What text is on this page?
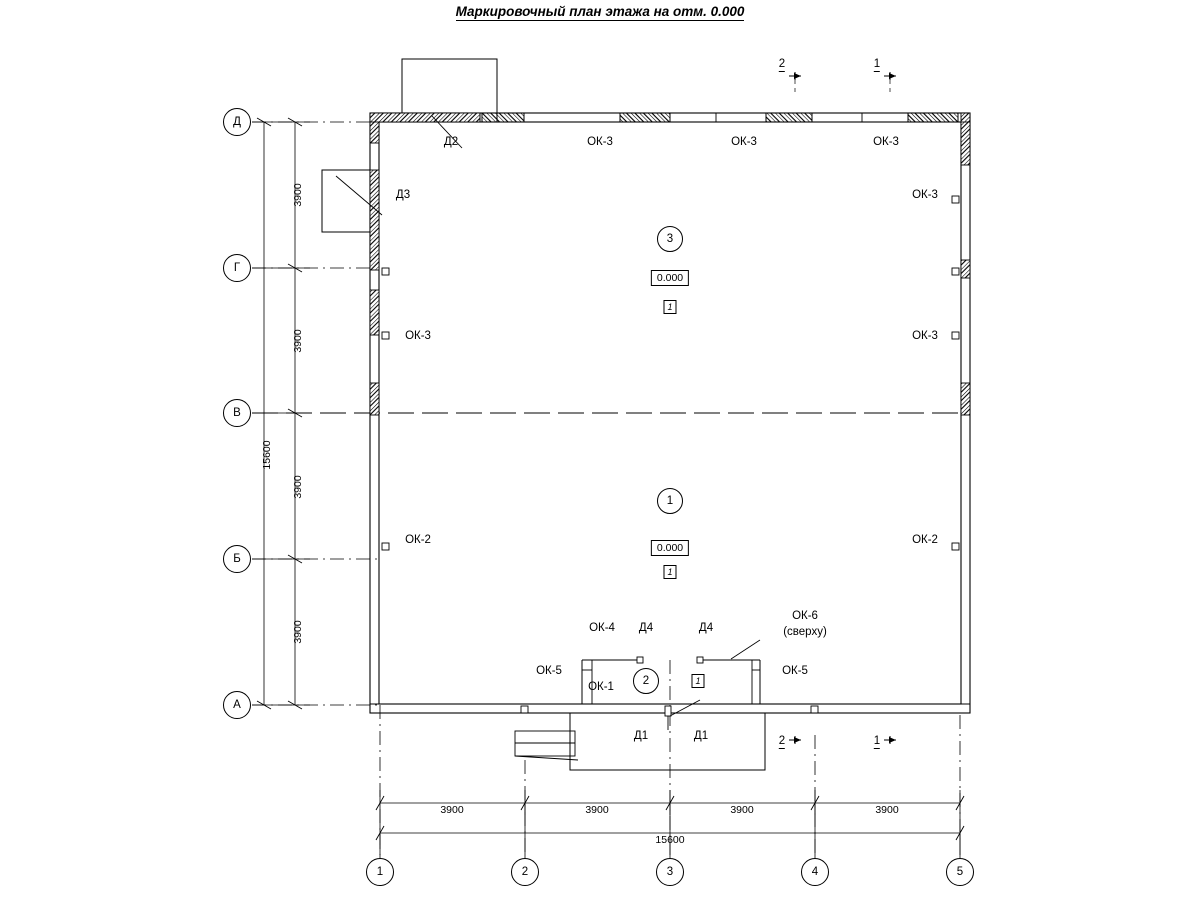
Маркировочный план этажа на отм. 0.000
А
Б
В
Г
Д
1	2	3	4	5
3900
3900
3900
3900
15600
3900	3900	3900	3900
15600
2	1
2	1
ОК-3	ОК-3	ОК-3
ОК-3
ОК-3
ОК-3
ОК-2	ОК-2
ОК-4
ОК-5	ОК-5
ОК-1
ОК-6
(сверху)
Д2
Д3
Д4	Д4
Д1	Д1
3
0.000
1
1
0.000
1
2	1
